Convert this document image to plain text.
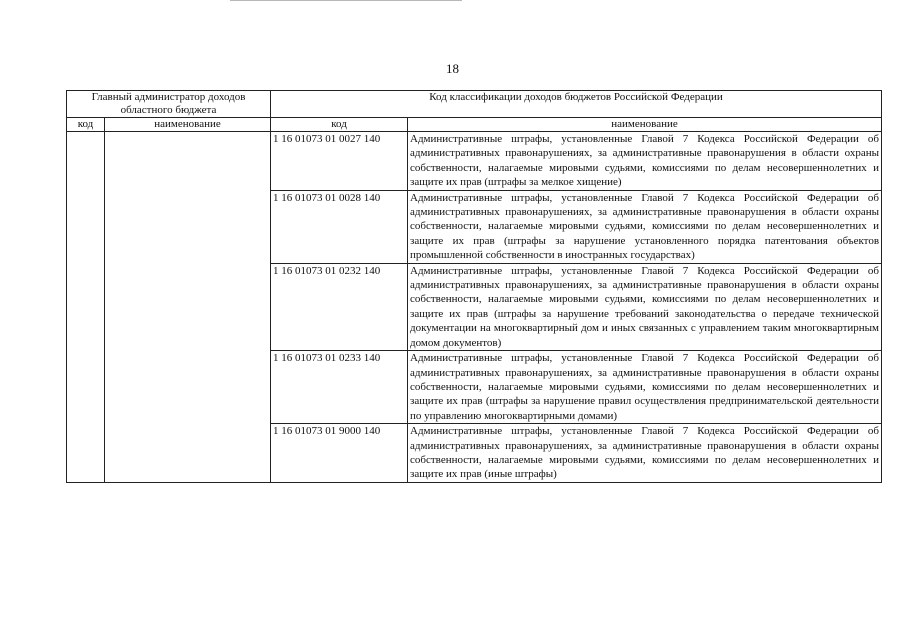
18
Главный администратор доходов областного бюджета		Код классификации доходов бюджетов Российской Федерации	
код	наименование	код	наименование
		1 16 01073 01 0027 140	Административные штрафы, установленные Главой 7 Кодекса Российской Федерации об административных правонарушениях, за административные правонарушения в области охраны собственности, налагаемые мировыми судьями, комиссиями по делам несовершеннолетних и защите их прав (штрафы за мелкое хищение)
		1 16 01073 01 0028 140	Административные штрафы, установленные Главой 7 Кодекса Российской Федерации об административных правонарушениях, за административные правонарушения в области охраны собственности, налагаемые мировыми судьями, комиссиями по делам несовершеннолетних и защите их прав (штрафы за нарушение установленного порядка патентования объектов промышленной собственности в иностранных государствах)
		1 16 01073 01 0232 140	Административные штрафы, установленные Главой 7 Кодекса Российской Федерации об административных правонарушениях, за административные правонарушения в области охраны собственности, налагаемые мировыми судьями, комиссиями по делам несовершеннолетних и защите их прав (штрафы за нарушение требований законодательства о передаче технической документации на многоквартирный дом и иных связанных с управлением таким многоквартирным домом документов)
		1 16 01073 01 0233 140	Административные штрафы, установленные Главой 7 Кодекса Российской Федерации об административных правонарушениях, за административные правонарушения в области охраны собственности, налагаемые мировыми судьями, комиссиями по делам несовершеннолетних и защите их прав (штрафы за нарушение правил осуществления предпринимательской деятельности по управлению многоквартирными домами)
		1 16 01073 01 9000 140	Административные штрафы, установленные Главой 7 Кодекса Российской Федерации об административных правонарушениях, за административные правонарушения в области охраны собственности, налагаемые мировыми судьями, комиссиями по делам несовершеннолетних и защите их прав (иные штрафы)
